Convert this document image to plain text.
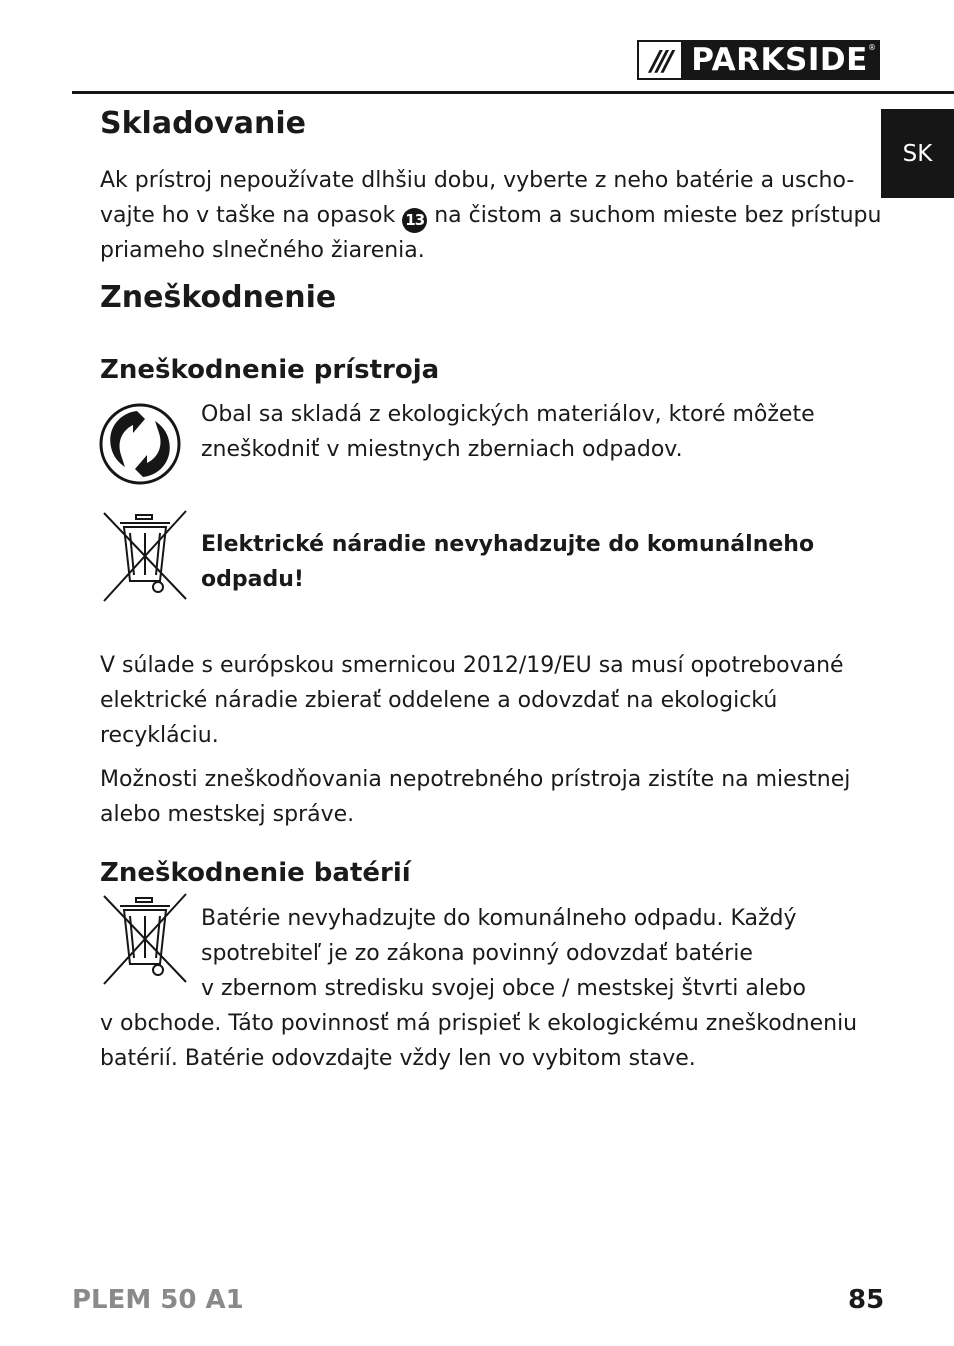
/// PARKSIDE ®
SK
Skladovanie
Ak prístroj nepoužívate dlhšiu dobu, vyberte z neho batérie a uscho-
vajte ho v taške na opasok 13 na čistom a suchom mieste bez prístupu
priameho slnečného žiarenia.
Zneškodnenie
Zneškodnenie prístroja
Obal sa skladá z ekologických materiálov, ktoré môžete
zneškodniť v miestnych zberniach odpadov.
Elektrické náradie nevyhadzujte do komunálneho
odpadu!
V súlade s európskou smernicou 2012/19/EU sa musí opotrebované
elektrické náradie zbierať oddelene a odovzdať na ekologickú
recykláciu.
Možnosti zneškodňovania nepotrebného prístroja zistíte na miestnej
alebo mestskej správe.
Zneškodnenie batérií
Batérie nevyhadzujte do komunálneho odpadu. Každý
spotrebiteľ je zo zákona povinný odovzdať batérie
v zbernom stredisku svojej obce / mestskej štvrti alebo
v obchode. Táto povinnosť má prispieť k ekologickému zneškodneniu
batérií. Batérie odovzdajte vždy len vo vybitom stave.
PLEM 50 A1	85
